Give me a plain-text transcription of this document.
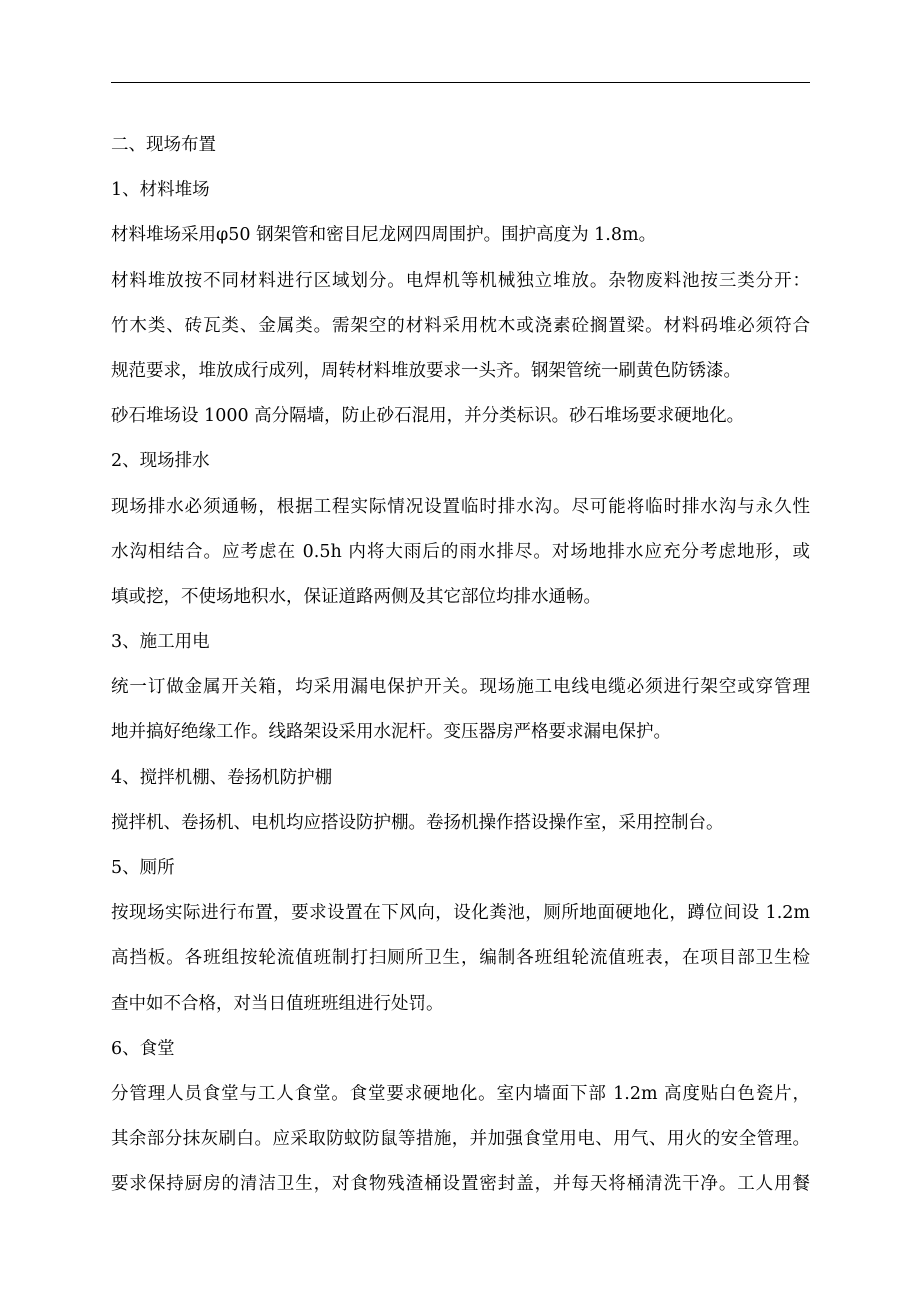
二、现场布置
1、材料堆场
材料堆场采用φ50 钢架管和密目尼龙网四周围护。围护高度为 1.8m。
材料堆放按不同材料进行区域划分。电焊机等机械独立堆放。杂物废料池按三类分开：
竹木类、砖瓦类、金属类。需架空的材料采用枕木或浇素砼搁置梁。材料码堆必须符合
规范要求，堆放成行成列，周转材料堆放要求一头齐。钢架管统一刷黄色防锈漆。
砂石堆场设 1000 高分隔墙，防止砂石混用，并分类标识。砂石堆场要求硬地化。
2、现场排水
现场排水必须通畅，根据工程实际情况设置临时排水沟。尽可能将临时排水沟与永久性
水沟相结合。应考虑在 0.5h 内将大雨后的雨水排尽。对场地排水应充分考虑地形，或
填或挖，不使场地积水，保证道路两侧及其它部位均排水通畅。
3、施工用电
统一订做金属开关箱，均采用漏电保护开关。现场施工电线电缆必须进行架空或穿管理
地并搞好绝缘工作。线路架设采用水泥杆。变压器房严格要求漏电保护。
4、搅拌机棚、卷扬机防护棚
搅拌机、卷扬机、电机均应搭设防护棚。卷扬机操作搭设操作室，采用控制台。
5、厕所
按现场实际进行布置，要求设置在下风向，设化粪池，厕所地面硬地化，蹲位间设 1.2m
高挡板。各班组按轮流值班制打扫厕所卫生，编制各班组轮流值班表，在项目部卫生检
查中如不合格，对当日值班班组进行处罚。
6、食堂
分管理人员食堂与工人食堂。食堂要求硬地化。室内墙面下部 1.2m 高度贴白色瓷片，
其余部分抹灰刷白。应采取防蚊防鼠等措施，并加强食堂用电、用气、用火的安全管理。
要求保持厨房的清洁卫生，对食物残渣桶设置密封盖，并每天将桶清洗干净。工人用餐
